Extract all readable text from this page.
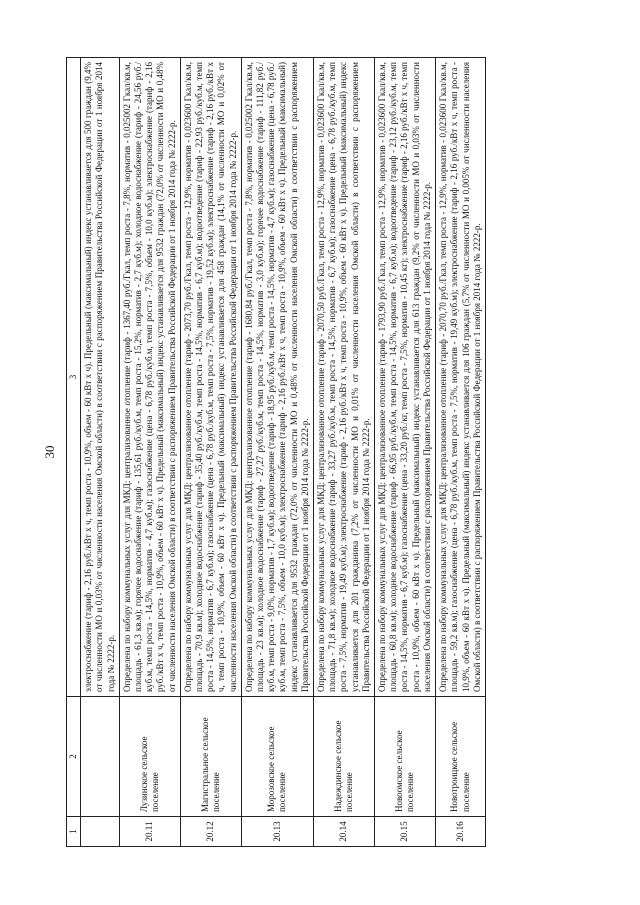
30
1	2	3
		электроснабжение (тариф - 2,16 руб./кВт x ч, темп роста - 10,9%, объем - 60 кВт x ч). Предельный (максимальный) индекс устанавливается для 500 граждан (9,4% от численности МО и 0,03% от численности населения Омской области) в соответствии с распоряжением Правительства Российской Федерации от 1 ноября 2014 года № 2222-р.
20.11	Лузинское сельское поселение	Определена по набору коммунальных услуг для МКД: централизованное отопление (тариф - 1367,40 руб./Гкал, темп роста - 7,8%, норматив - 0,025002 Гкал/кв.м, площадь - 61,3 кв.м); горячее водоснабжение (тариф - 135,61 руб./куб.м, темп роста - 15,2%, норматив - 2,7 куб.м); холодное водоснабжение (тариф - 24,56 руб./куб.м, темп роста - 14,5%, норматив - 4,7 куб.м); газоснабжение (цена - 6,78 руб./куб.м, темп роста - 7,5%, объем - 10,0 куб.м); электроснабжение (тариф - 2,16 руб./кВт x ч, темп роста - 10,9%, объем - 60 кВт x ч). Предельный (максимальный) индекс устанавливается для 9532 граждан (72,0% от численности МО и 0,48% от численности населения Омской области) в соответствии с распоряжением Правительства Российской Федерации от 1 ноября 2014 года № 2222-р.
20.12	Магистральное сельское поселение	Определена по набору коммунальных услуг для МКД: централизованное отопление (тариф - 2073,70 руб./Гкал, темп роста - 12,9%, норматив - 0,023600 Гкал/кв.м, площадь - 70,9 кв.м); холодное водоснабжение (тариф - 35,40 руб./куб.м, темп роста - 14,5%, норматив - 6,7 куб.м); водоотведение (тариф - 22,93 руб./куб.м, темп роста - 14,5%, норматив - 6,7 куб.м); газоснабжение (цена - 6,78 руб./куб.м, темп роста - 7,5%, норматив - 19,52 куб.м); электроснабжение (тариф - 2,16 руб./кВт x ч, темп роста - 10,9%, объем - 60 кВт x ч). Предельный (максимальный) индекс устанавливается для 458 граждан (14,1% от численности МО и 0,02% от численности населения Омской области) в соответствии с распоряжением Правительства Российской Федерации от 1 ноября 2014 года № 2222-р.
20.13	Морозовское сельское поселение	Определена по набору коммунальных услуг для МКД: централизованное отопление (тариф - 1680,84 руб./Гкал, темп роста - 7,8%, норматив - 0,025002 Гкал/кв.м, площадь - 23 кв.м); холодное водоснабжение (тариф - 27,27 руб./куб.м, темп роста - 14,5%, норматив - 3,0 куб.м); горячее водоснабжение (тариф - 111,82 руб./куб.м, темп роста - 9,0%, норматив - 1,7 куб.м); водоотведение (тариф - 18,95 руб./куб.м, темп роста - 14,5%, норматив - 4,7 куб.м); газоснабжение (цена - 6,78 руб./куб.м, темп роста - 7,5%, объем - 10,0 куб.м); электроснабжение (тариф - 2,16 руб./кВт x ч, темп роста - 10,9%, объем - 60 кВт x ч). Предельный (максимальный) индекс устанавливается для 9532 граждан (72,0% от численности МО и 0,48% от численности населения Омской области) в соответствии с распоряжением Правительства Российской Федерации от 1 ноября 2014 года № 2222-р.
20.14	Надеждинское сельское поселение	Определена по набору коммунальных услуг для МКД: централизованное отопление (тариф - 2070,50 руб./Гкал, темп роста - 12,9%, норматив - 0,023600 Гкал/кв.м, площадь - 71,8 кв.м); холодное водоснабжение (тариф - 33,27 руб./куб.м, темп роста - 14,5%, норматив - 6,7 куб.м); газоснабжение (цена - 6,78 руб./куб.м, темп роста - 7,5%, норматив - 19,49 куб.м); электроснабжение (тариф - 2,16 руб./кВт x ч, темп роста - 10,9%, объем - 60 кВт x ч). Предельный (максимальный) индекс устанавливается для 201 гражданина (7,2% от численности МО и 0,01% от численности населения Омской области) в соответствии с распоряжением Правительства Российской Федерации от 1 ноября 2014 года № 2222-р.
20.15	Новоомское сельское поселение	Определена по набору коммунальных услуг для МКД: централизованное отопление (тариф - 1793,90 руб./Гкал, темп роста - 12,9%, норматив - 0,023600 Гкал/кв.м, площадь - 60,8 кв.м); холодное водоснабжение (тариф - 66,95 руб./куб.м, темп роста - 14,5%, норматив - 6,7 куб.м); водоотведение (тариф - 23,12 руб./куб.м, темп роста - 14,5%, норматив - 6,7 куб.м); газоснабжение (цена - 33,20 руб./кг, темп роста - 7,5%, норматив - 10,45 кг); электроснабжение (тариф - 2,16 руб./кВт x ч, темп роста - 10,9%, объем - 60 кВт x ч). Предельный (максимальный) индекс устанавливается для 613 граждан (9,2% от численности МО и 0,03% от численности населения Омской области) в соответствии с распоряжением Правительства Российской Федерации от 1 ноября 2014 года № 2222-р.
20.16	Новотроицкое сельское поселение	Определена по набору коммунальных услуг для МКД: централизованное отопление (тариф - 2070,70 руб./Гкал, темп роста - 12,9%, норматив - 0,023600 Гкал/кв.м, площадь - 59,2 кв.м); газоснабжение (цена - 6,78 руб./куб.м, темп роста - 7,5%, норматив - 19,49 куб.м); электроснабжение (тариф - 2,16 руб./кВт x ч, темп роста - 10,9%, объем - 60 кВт x ч). Предельный (максимальный) индекс устанавливается для 106 граждан (5,7% от численности МО и 0,005% от численности населения Омской области) в соответствии с распоряжением Правительства Российской Федерации от 1 ноября 2014 года № 2222-р.
